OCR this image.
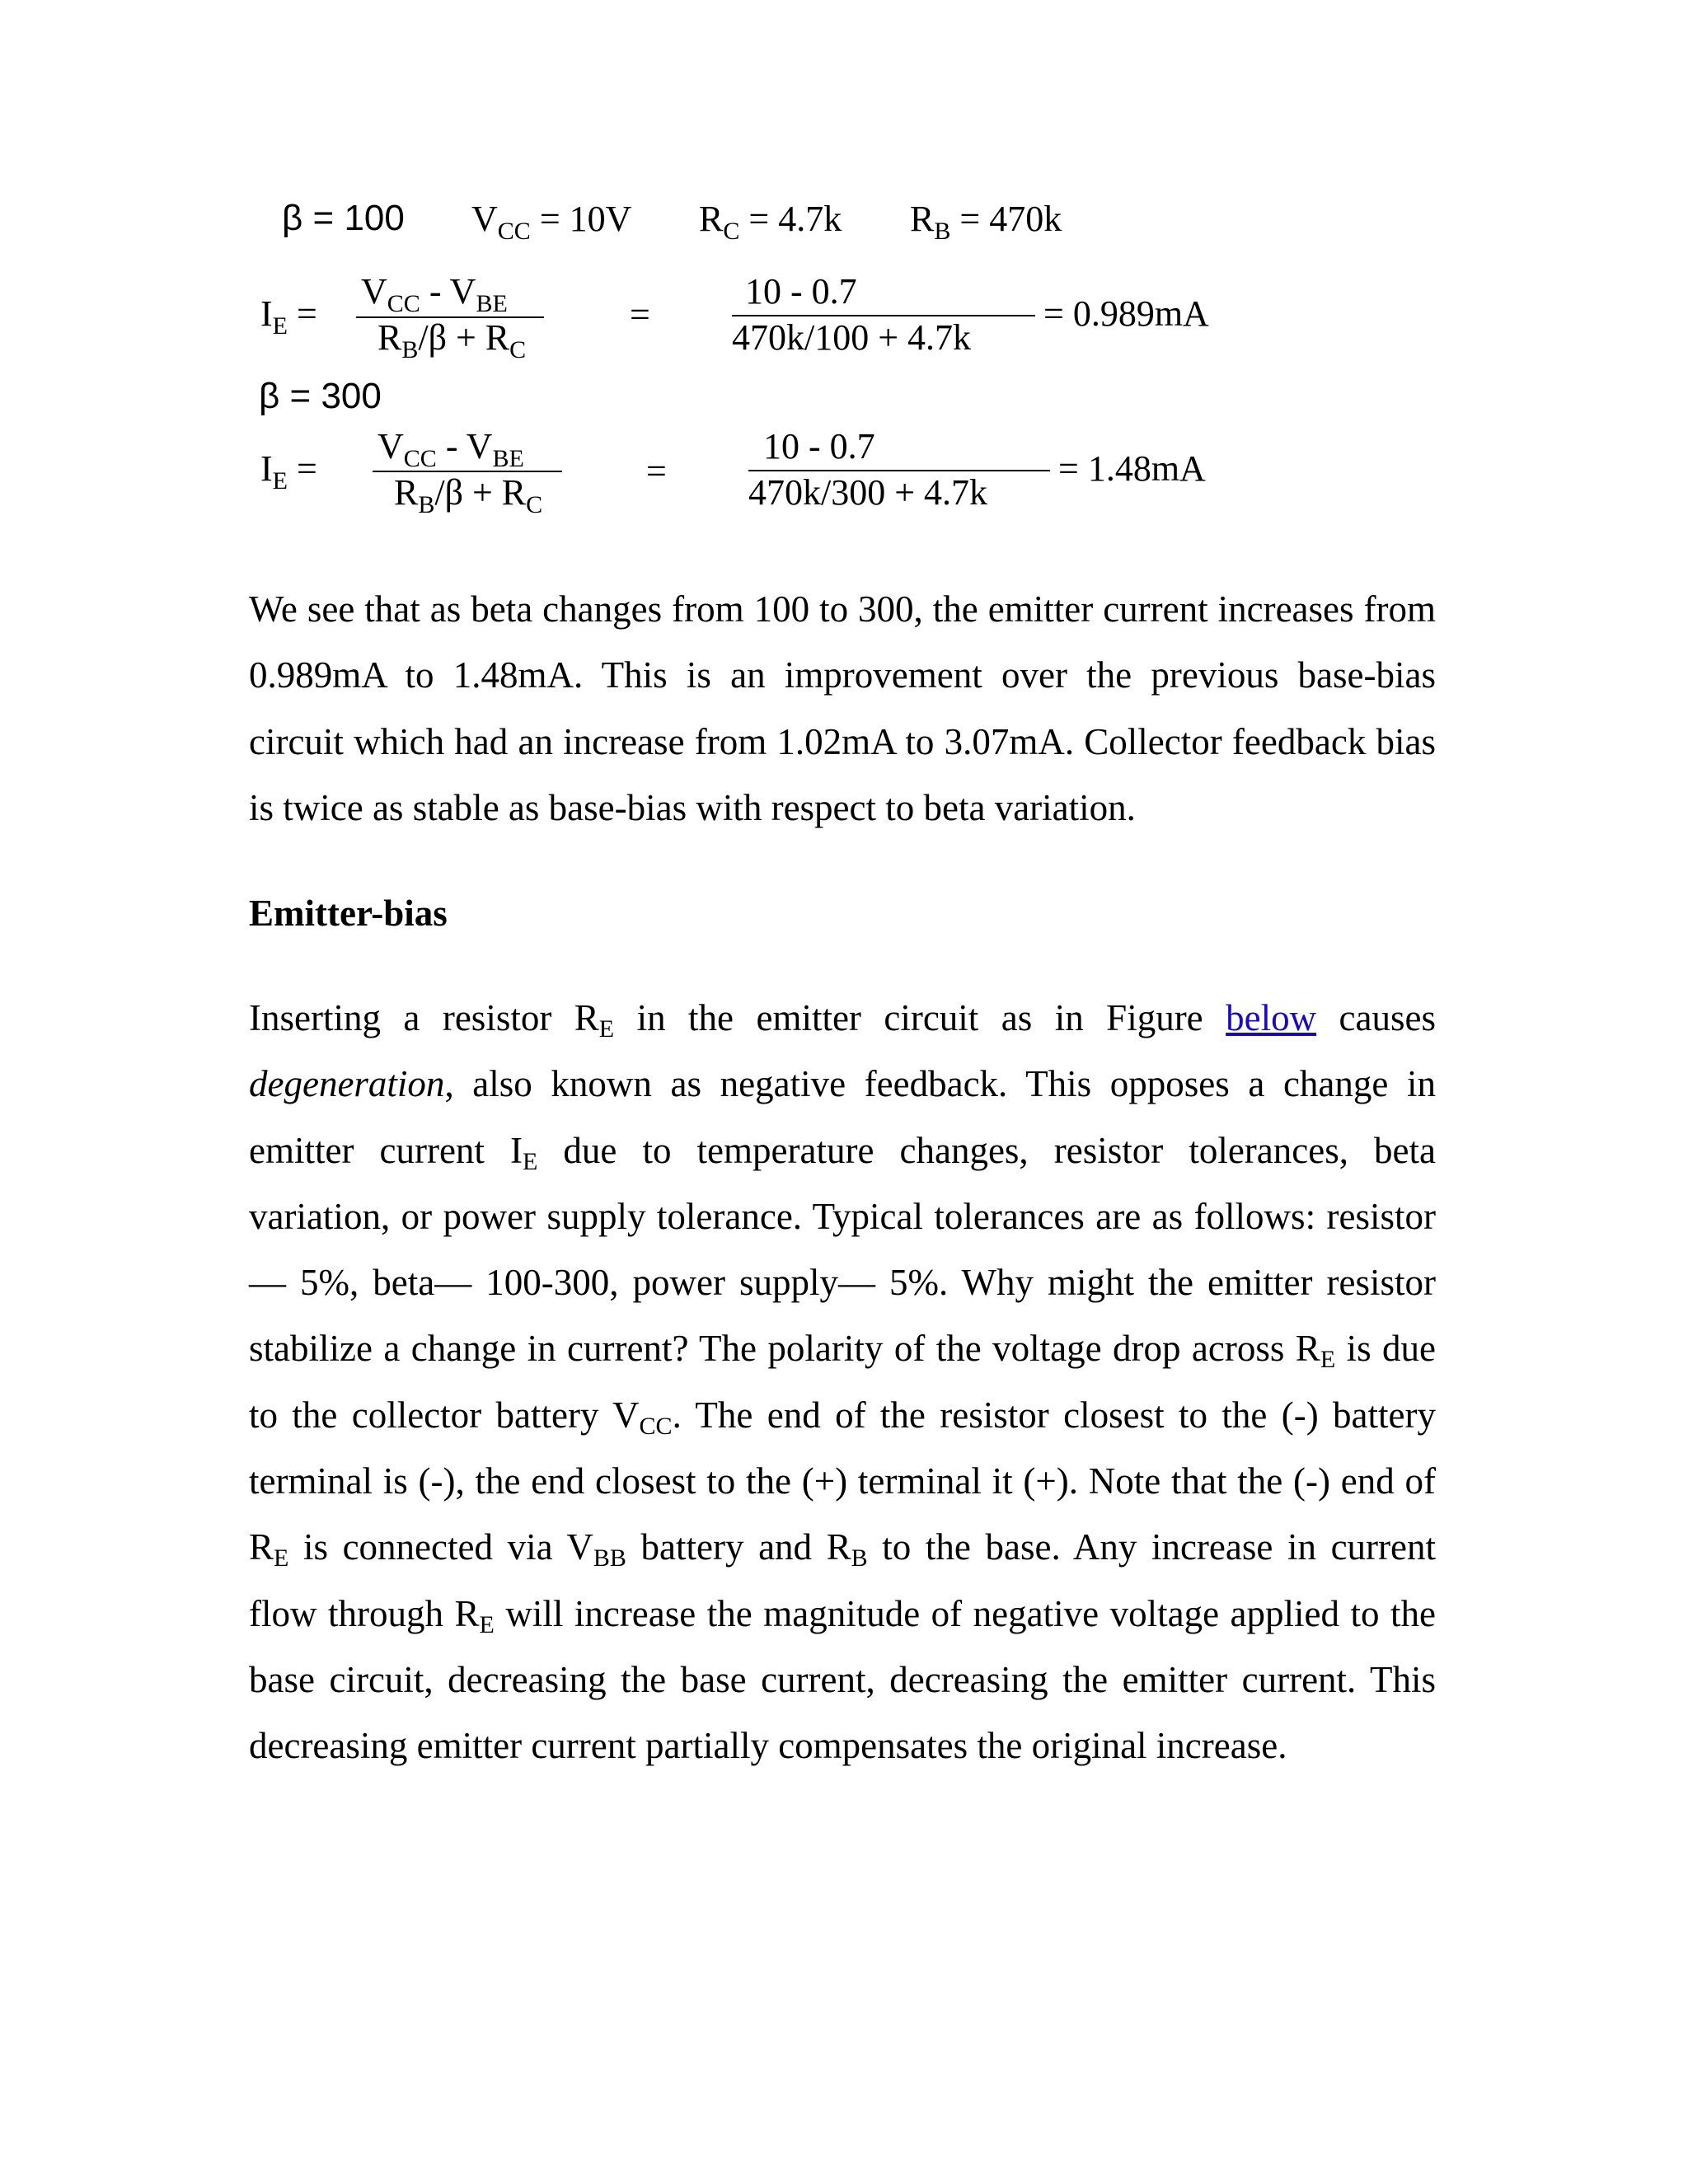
β = 100 $V_{CC} = 10V$ $R_C = 4.7k$ $R_B = 470k$
$I_E$ =
$V_{CC} - V_{BE}$
$R_B/\beta + R_C$
=
10 - 0.7
470k/100 + 4.7k
= 0.989mA
β = 300
$I_E$ =
$V_{CC} - V_{BE}$
$R_B/\beta + R_C$
=
10 - 0.7
470k/300 + 4.7k
= 1.48mA

We see that as beta changes from 100 to 300, the emitter current increases from 0.989mA to 1.48mA. This is an improvement over the previous base-bias circuit which had an increase from 1.02mA to 3.07mA. Collector feedback bias is twice as stable as base-bias with respect to beta variation.

Emitter-bias

Inserting a resistor $R_E$ in the emitter circuit as in Figure below causes degeneration, also known as negative feedback. This opposes a change in emitter current $I_E$ due to temperature changes, resistor tolerances, beta variation, or power supply tolerance. Typical tolerances are as follows: resistor— 5%, beta— 100-300, power supply— 5%. Why might the emitter resistor stabilize a change in current? The polarity of the voltage drop across $R_E$ is due to the collector battery $V_{CC}$. The end of the resistor closest to the (-) battery terminal is (-), the end closest to the (+) terminal it (+). Note that the (-) end of $R_E$ is connected via $V_{BB}$ battery and $R_B$ to the base. Any increase in current flow through $R_E$ will increase the magnitude of negative voltage applied to the base circuit, decreasing the base current, decreasing the emitter current. This decreasing emitter current partially compensates the original increase.
